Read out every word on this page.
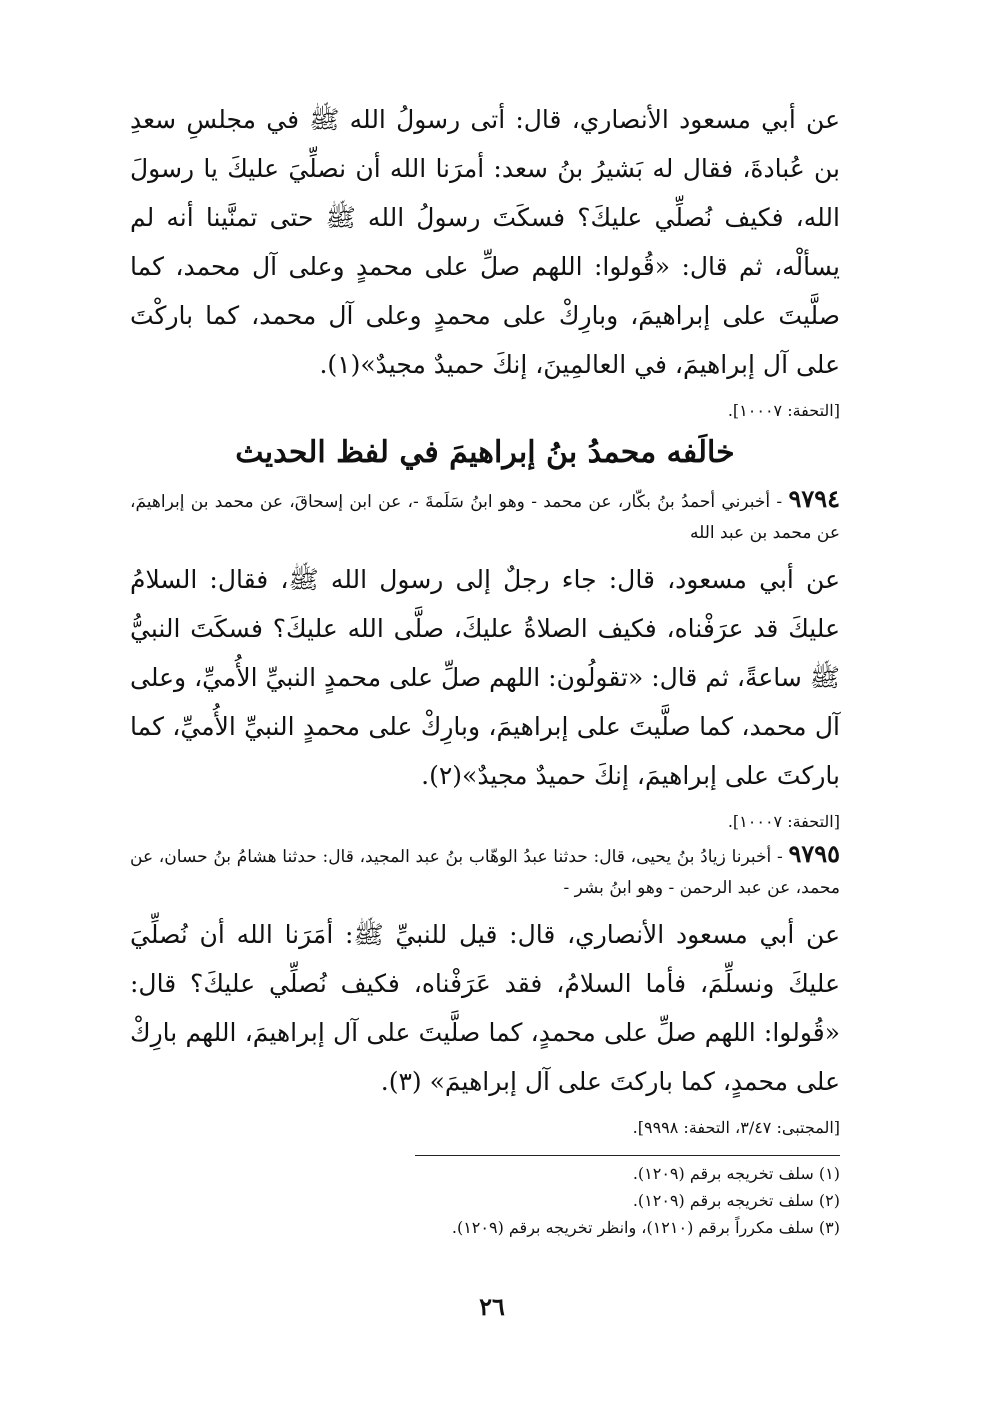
عن أبي مسعود الأنصاري، قال: أتى رسولُ الله ﷺ في مجلسِ سعدِ بن عُبادةَ، فقال له بَشيرُ بنُ سعد: أمرَنا الله أن نصلِّيَ عليكَ يا رسولَ الله، فكيف نُصلِّي عليكَ؟ فسكَتَ رسولُ الله ﷺ حتى تمنَّينا أنه لم يسألْه، ثم قال: «قُولوا: اللهم صلِّ على محمدٍ وعلى آل محمد، كما صلَّيتَ على إبراهيمَ، وبارِكْ على محمدٍ وعلى آل محمد، كما باركْتَ على آل إبراهيمَ، في العالمِينَ، إنكَ حميدٌ مجيدٌ»(١).

[التحفة: ١٠٠٠٧].

خالَفه محمدُ بنُ إبراهيمَ في لفظ الحديث

٩٧٩٤ - أخبرني أحمدُ بنُ بكّار، عن محمد - وهو ابنُ سَلَمةَ -، عن ابن إسحاقَ، عن محمد بن إبراهيمَ، عن محمد بن عبد الله

عن أبي مسعود، قال: جاء رجلٌ إلى رسول الله ﷺ، فقال: السلامُ عليكَ قد عرَفْناه، فكيف الصلاةُ عليكَ، صلَّى الله عليكَ؟ فسكَتَ النبيُّ ﷺ ساعةً، ثم قال: «تقولُون: اللهم صلِّ على محمدٍ النبيِّ الأُميِّ، وعلى آل محمد، كما صلَّيتَ على إبراهيمَ، وبارِكْ على محمدٍ النبيِّ الأُميِّ، كما باركتَ على إبراهيمَ، إنكَ حميدٌ مجيدٌ»(٢).

[التحفة: ١٠٠٠٧].

٩٧٩٥ - أخبرنا زيادُ بنُ يحيى، قال: حدثنا عبدُ الوهّاب بنُ عبد المجيد، قال: حدثنا هشامُ بنُ حسان، عن محمد، عن عبد الرحمن - وهو ابنُ بشر -

عن أبي مسعود الأنصاري، قال: قيل للنبيِّ ﷺ: أمَرَنا الله أن نُصلِّيَ عليكَ ونسلِّمَ، فأما السلامُ، فقد عَرَفْناه، فكيف نُصلِّي عليكَ؟ قال: «قُولوا: اللهم صلِّ على محمدٍ، كما صلَّيتَ على آل إبراهيمَ، اللهم بارِكْ على محمدٍ، كما باركتَ على آل إبراهيمَ» (٣).

[المجتبى: ٣/٤٧، التحفة: ٩٩٩٨].

(١) سلف تخريجه برقم (١٢٠٩).

(٢) سلف تخريجه برقم (١٢٠٩).

(٣) سلف مكرراً برقم (١٢١٠)، وانظر تخريجه برقم (١٢٠٩).

٢٦
